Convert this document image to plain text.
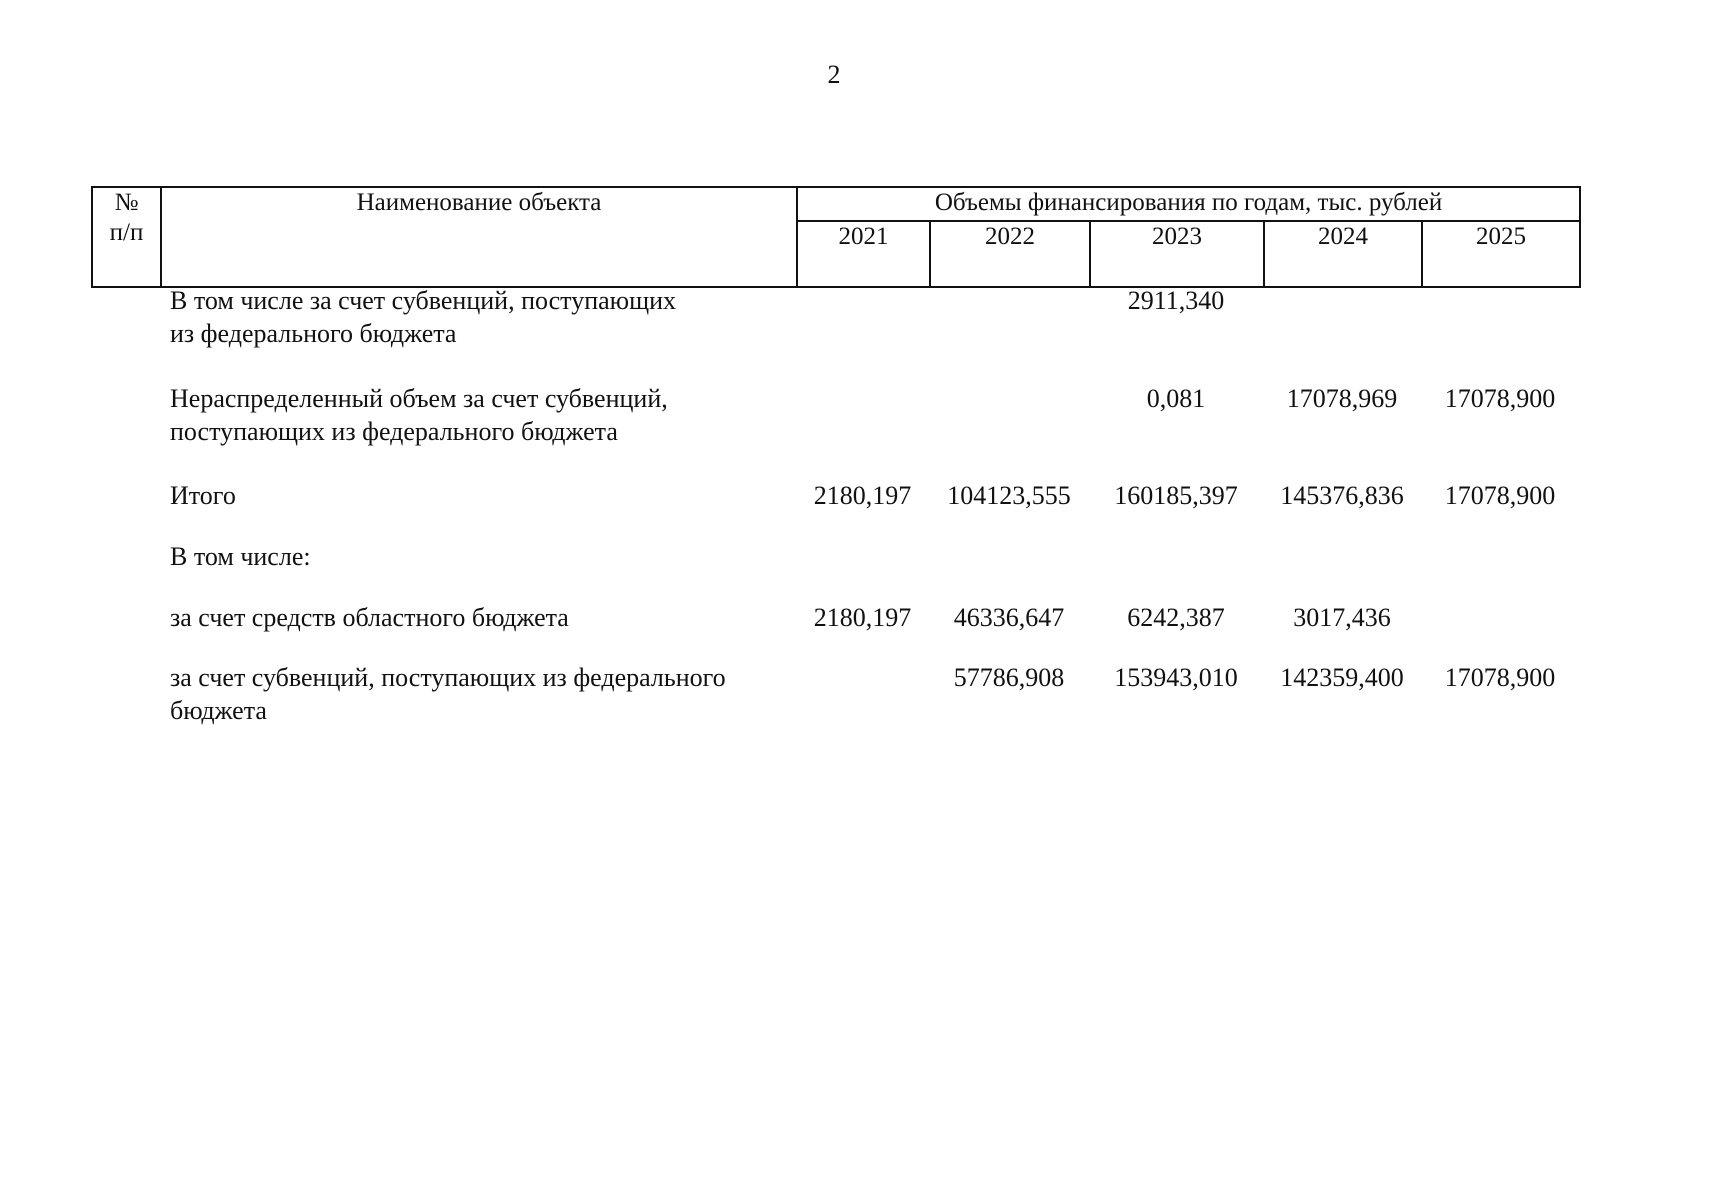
2
№
п/п	Наименование объекта	Объемы финансирования по годам, тыс. рублей				
		2021	2022	2023	2024	2025
В том числе за счет субвенций, поступающих
из федерального бюджета			2911,340		

Нераспределенный объем за счет субвенций,
поступающих из федерального бюджета			0,081	17078,969	17078,900

Итого	2180,197	104123,555	160185,397	145376,836	17078,900

В том числе:					

за счет средств областного бюджета	2180,197	46336,647	6242,387	3017,436	

за счет субвенций, поступающих из федерального
бюджета		57786,908	153943,010	142359,400	17078,900
